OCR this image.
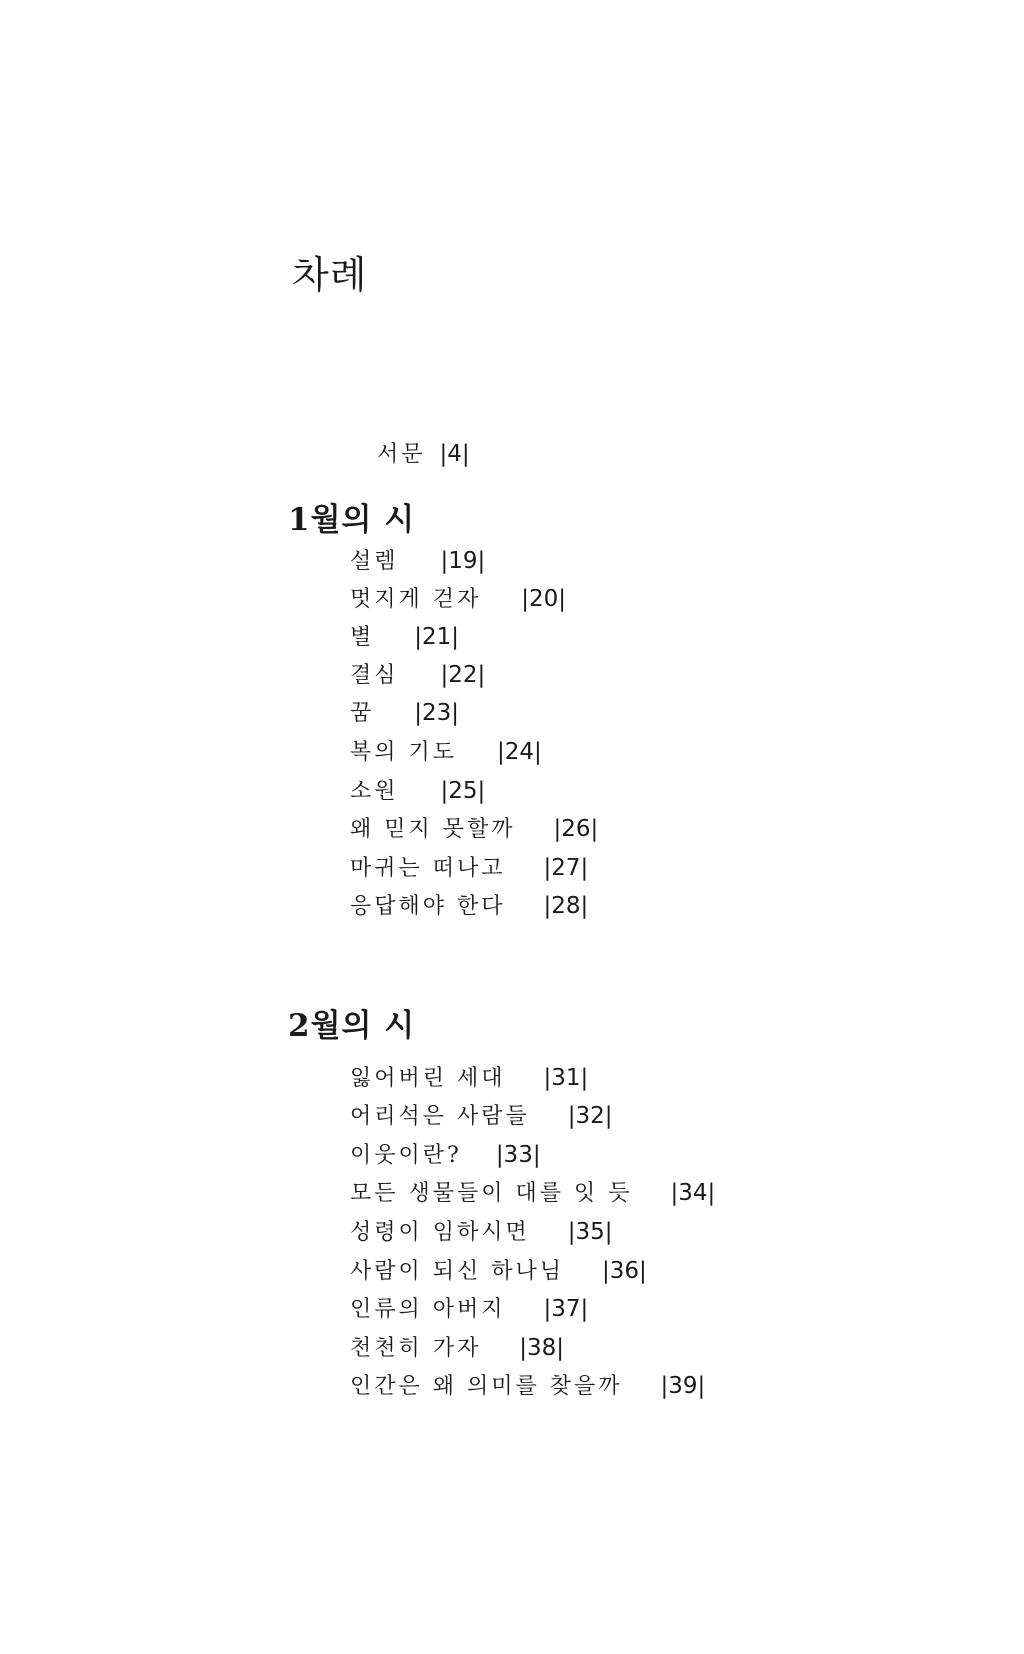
차례
서문 |4|
1월의 시
설렘 |19|
멋지게 걷자 |20|
별 |21|
결심 |22|
꿈 |23|
복의 기도 |24|
소원 |25|
왜 믿지 못할까 |26|
마귀는 떠나고 |27|
응답해야 한다 |28|
2월의 시
잃어버린 세대 |31|
어리석은 사람들 |32|
이웃이란? |33|
모든 생물들이 대를 잇 듯 |34|
성령이 임하시면 |35|
사람이 되신 하나님 |36|
인류의 아버지 |37|
천천히 가자 |38|
인간은 왜 의미를 찾을까 |39|
